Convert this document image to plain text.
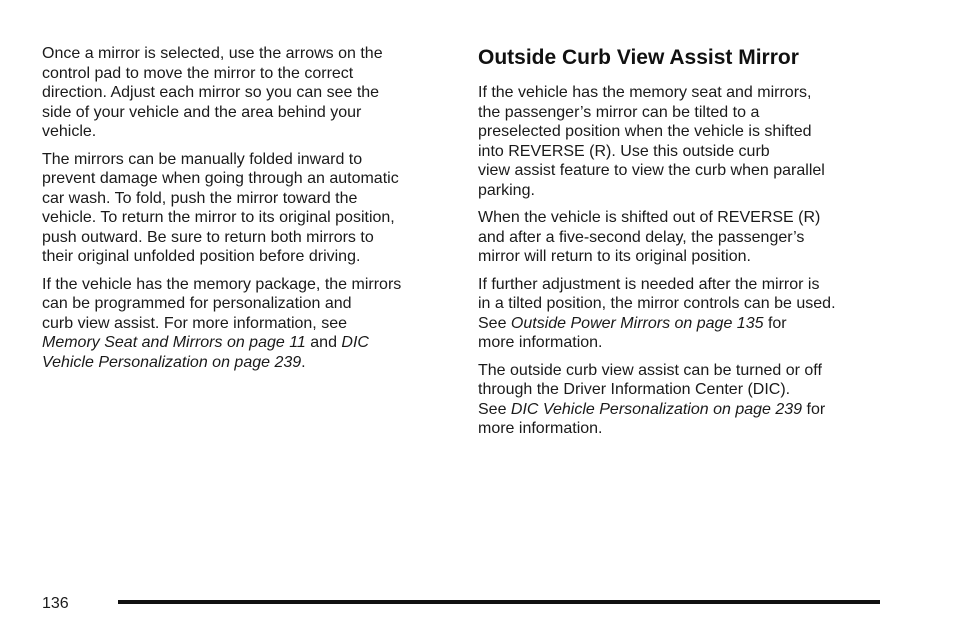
Once a mirror is selected, use the arrows on the
control pad to move the mirror to the correct
direction. Adjust each mirror so you can see the
side of your vehicle and the area behind your
vehicle.

The mirrors can be manually folded inward to
prevent damage when going through an automatic
car wash. To fold, push the mirror toward the
vehicle. To return the mirror to its original position,
push outward. Be sure to return both mirrors to
their original unfolded position before driving.

If the vehicle has the memory package, the mirrors
can be programmed for personalization and
curb view assist. For more information, see
Memory Seat and Mirrors on page 11 and DIC
Vehicle Personalization on page 239.

Outside Curb View Assist Mirror

If the vehicle has the memory seat and mirrors,
the passenger’s mirror can be tilted to a
preselected position when the vehicle is shifted
into REVERSE (R). Use this outside curb
view assist feature to view the curb when parallel
parking.

When the vehicle is shifted out of REVERSE (R)
and after a five-second delay, the passenger’s
mirror will return to its original position.

If further adjustment is needed after the mirror is
in a tilted position, the mirror controls can be used.
See Outside Power Mirrors on page 135 for
more information.

The outside curb view assist can be turned or off
through the Driver Information Center (DIC).
See DIC Vehicle Personalization on page 239 for
more information.

136
